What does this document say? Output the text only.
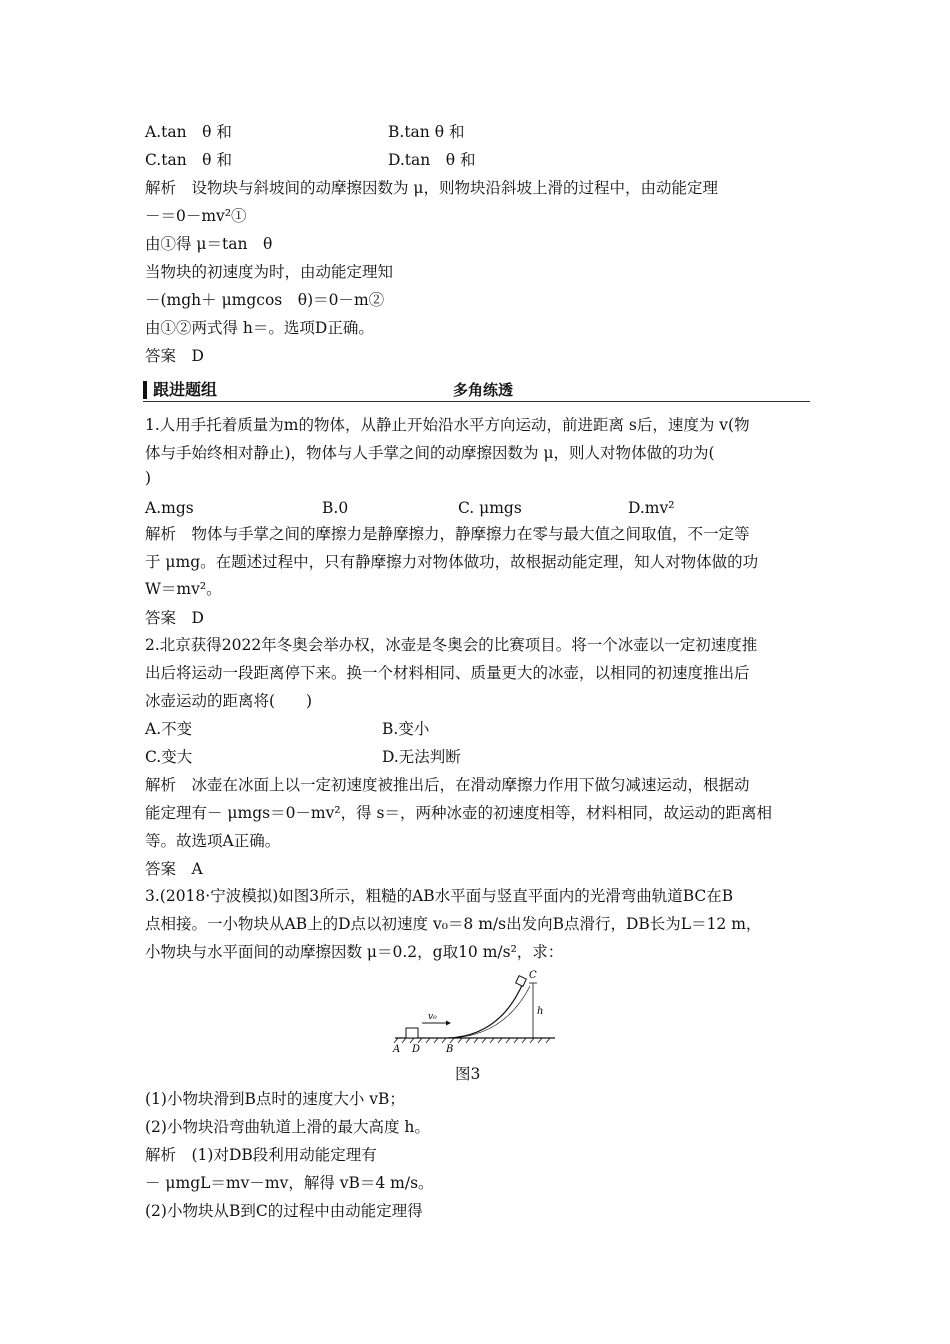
A.tan　θ 和	B.tan θ 和
C.tan　θ 和	D.tan　θ 和
解析　设物块与斜坡间的动摩擦因数为 μ，则物块沿斜坡上滑的过程中，由动能定理
－＝0－mv²①
由①得 μ＝tan　θ
当物块的初速度为时，由动能定理知
－(mgh＋ μmgcos　θ)＝0－m②
由①②两式得 h＝。选项D正确。
答案　D
跟进题组	多角练透
1.人用手托着质量为m的物体，从静止开始沿水平方向运动，前进距离 s后，速度为 v(物
体与手始终相对静止)，物体与人手掌之间的动摩擦因数为 μ，则人对物体做的功为(
)
A.mgs	B.0	C. μmgs	D.mv²
解析　物体与手掌之间的摩擦力是静摩擦力，静摩擦力在零与最大值之间取值，不一定等
于 μmg。在题述过程中，只有静摩擦力对物体做功，故根据动能定理，知人对物体做的功
W＝mv²。
答案　D
2.北京获得2022年冬奥会举办权，冰壶是冬奥会的比赛项目。将一个冰壶以一定初速度推
出后将运动一段距离停下来。换一个材料相同、质量更大的冰壶，以相同的初速度推出后
冰壶运动的距离将(　　)
A.不变	B.变小
C.变大	D.无法判断
解析　冰壶在冰面上以一定初速度被推出后，在滑动摩擦力作用下做匀减速运动，根据动
能定理有－ μmgs＝0－mv²，得 s＝，两种冰壶的初速度相等，材料相同，故运动的距离相
等。故选项A正确。
答案　A
3.(2018·宁波模拟)如图3所示，粗糙的AB水平面与竖直平面内的光滑弯曲轨道BC在B
点相接。一小物块从AB上的D点以初速度 v₀＝8 m/s出发向B点滑行，DB长为L＝12 m，
小物块与水平面间的动摩擦因数 μ＝0.2，g取10 m/s²，求：
v₀
A D	B
C
h
图3
(1)小物块滑到B点时的速度大小 vB；
(2)小物块沿弯曲轨道上滑的最大高度 h。
解析　(1)对DB段利用动能定理有
－ μmgL＝mv－mv，解得 vB＝4 m/s。
(2)小物块从B到C的过程中由动能定理得
